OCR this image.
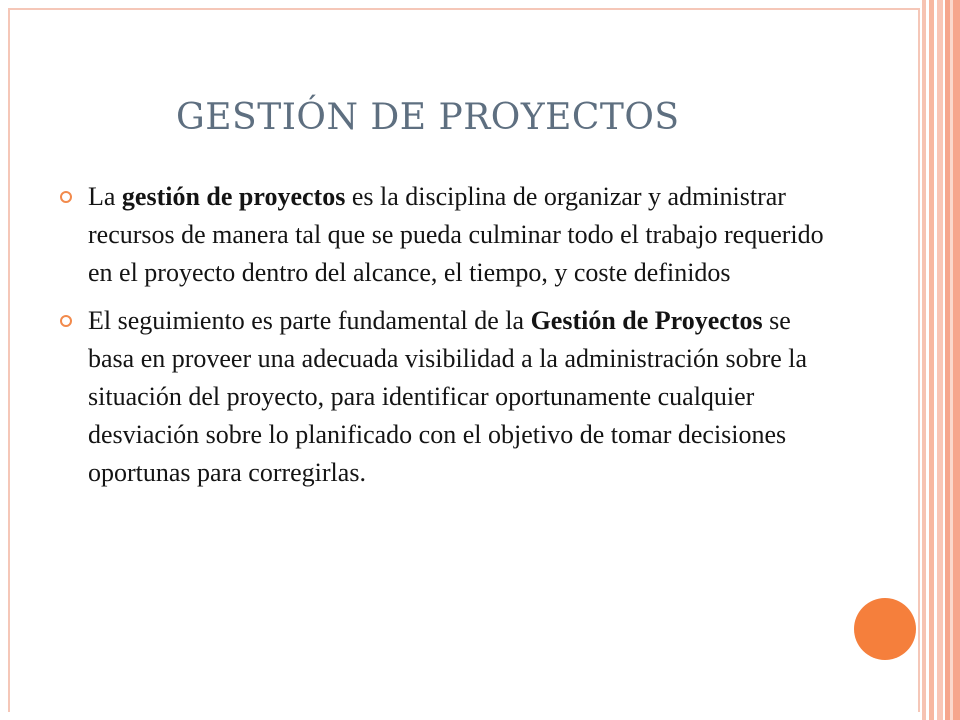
GESTIÓN DE PROYECTOS
La gestión de proyectos es la disciplina de organizar y administrar recursos de manera tal que se pueda culminar todo el trabajo requerido en el proyecto dentro del alcance, el tiempo, y coste definidos
El seguimiento es parte fundamental de la Gestión de Proyectos se basa en proveer una adecuada visibilidad a la administración sobre la situación del proyecto, para identificar oportunamente cualquier desviación sobre lo planificado con el objetivo de tomar decisiones oportunas para corregirlas.
